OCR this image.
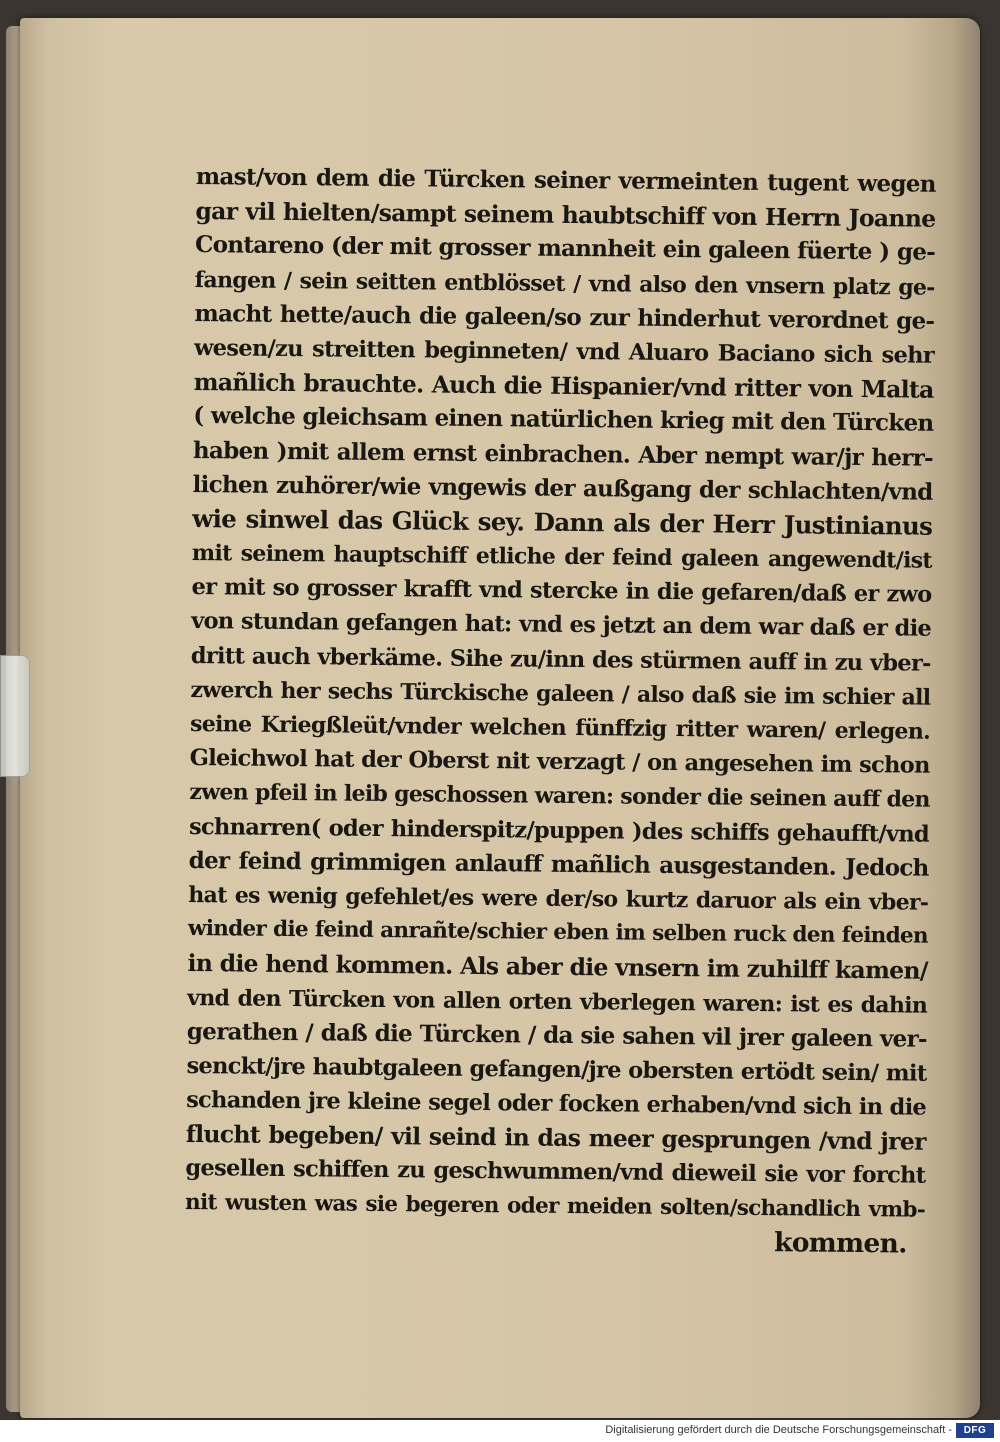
mast/von dem die Türcken seiner vermeinten tugent wegen
gar vil hielten/sampt seinem haubtschiff von Herrn Joanne
Contareno (der mit grosser mannheit ein galeen füerte ) ge-
fangen / sein seitten entblösset / vnd also den vnsern platz ge-
macht hette/auch die galeen/so zur hinderhut verordnet ge-
wesen/zu streitten beginneten/ vnd Aluaro Baciano sich sehr
mañlich brauchte. Auch die Hispanier/vnd ritter von Malta
( welche gleichsam einen natürlichen krieg mit den Türcken
haben )mit allem ernst einbrachen. Aber nempt war/jr herr-
lichen zuhörer/wie vngewis der außgang der schlachten/vnd
wie sinwel das Glück sey. Dann als der Herr Justinianus
mit seinem hauptschiff etliche der feind galeen angewendt/ist
er mit so grosser krafft vnd stercke in die gefaren/daß er zwo
von stundan gefangen hat: vnd es jetzt an dem war daß er die
dritt auch vberkäme. Sihe zu/inn des stürmen auff in zu vber-
zwerch her sechs Türckische galeen / also daß sie im schier all
seine Kriegßleüt/vnder welchen fünffzig ritter waren/ erlegen.
Gleichwol hat der Oberst nit verzagt / on angesehen im schon
zwen pfeil in leib geschossen waren: sonder die seinen auff den
schnarren( oder hinderspitz/puppen )des schiffs gehaufft/vnd
der feind grimmigen anlauff mañlich ausgestanden. Jedoch
hat es wenig gefehlet/es were der/so kurtz daruor als ein vber-
winder die feind anrañte/schier eben im selben ruck den feinden
in die hend kommen. Als aber die vnsern im zuhilff kamen/
vnd den Türcken von allen orten vberlegen waren: ist es dahin
gerathen / daß die Türcken / da sie sahen vil jrer galeen ver-
senckt/jre haubtgaleen gefangen/jre obersten ertödt sein/ mit
schanden jre kleine segel oder focken erhaben/vnd sich in die
flucht begeben/ vil seind in das meer gesprungen /vnd jrer
gesellen schiffen zu geschwummen/vnd dieweil sie vor forcht
nit wusten was sie begeren oder meiden solten/schandlich vmb-
kommen.
Digitalisierung gefördert durch die Deutsche Forschungsgemeinschaft -	DFG
